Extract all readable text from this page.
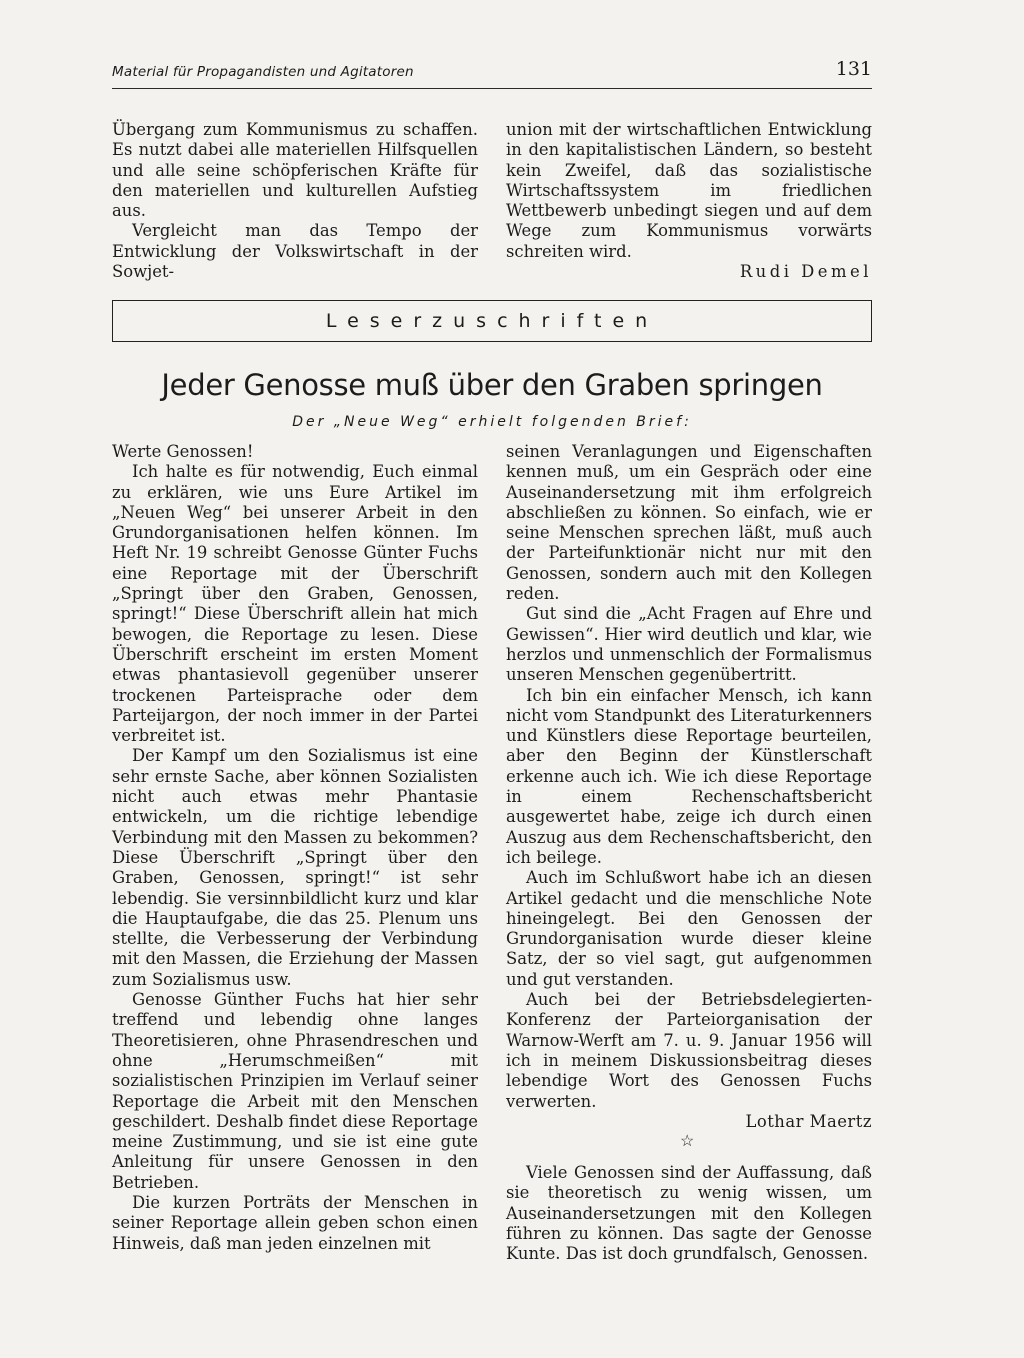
Material für Propagandisten und Agitatoren	131

Übergang zum Kommunismus zu schaffen. Es nutzt dabei alle materiellen Hilfsquellen und alle seine schöpferischen Kräfte für den materiellen und kulturellen Aufstieg aus.

Vergleicht man das Tempo der Entwicklung der Volkswirtschaft in der Sowjet-

union mit der wirtschaftlichen Entwicklung in den kapitalistischen Ländern, so besteht kein Zweifel, daß das sozialistische Wirtschaftssystem im friedlichen Wettbewerb unbedingt siegen und auf dem Wege zum Kommunismus vorwärts schreiten wird.

Rudi Demel
Leserzuschriften
Jeder Genosse muß über den Graben springen
Der „Neue Weg“ erhielt folgenden Brief:

Werte Genossen!

Ich halte es für notwendig, Euch einmal zu erklären, wie uns Eure Artikel im „Neuen Weg“ bei unserer Arbeit in den Grundorganisationen helfen können. Im Heft Nr. 19 schreibt Genosse Günter Fuchs eine Reportage mit der Überschrift „Springt über den Graben, Genossen, springt!“ Diese Überschrift allein hat mich bewogen, die Reportage zu lesen. Diese Überschrift erscheint im ersten Moment etwas phantasievoll gegenüber unserer trockenen Parteisprache oder dem Parteijargon, der noch immer in der Partei verbreitet ist.

Der Kampf um den Sozialismus ist eine sehr ernste Sache, aber können Sozialisten nicht auch etwas mehr Phantasie entwickeln, um die richtige lebendige Verbindung mit den Massen zu bekommen? Diese Überschrift „Springt über den Graben, Genossen, springt!“ ist sehr lebendig. Sie versinnbildlicht kurz und klar die Hauptaufgabe, die das 25. Plenum uns stellte, die Verbesserung der Verbindung mit den Massen, die Erziehung der Massen zum Sozialismus usw.

Genosse Günther Fuchs hat hier sehr treffend und lebendig ohne langes Theoretisieren, ohne Phrasendreschen und ohne „Herumschmeißen“ mit sozialistischen Prinzipien im Verlauf seiner Reportage die Arbeit mit den Menschen geschildert. Deshalb findet diese Reportage meine Zustimmung, und sie ist eine gute Anleitung für unsere Genossen in den Betrieben.

Die kurzen Porträts der Menschen in seiner Reportage allein geben schon einen Hinweis, daß man jeden einzelnen mit

seinen Veranlagungen und Eigenschaften kennen muß, um ein Gespräch oder eine Auseinandersetzung mit ihm erfolgreich abschließen zu können. So einfach, wie er seine Menschen sprechen läßt, muß auch der Parteifunktionär nicht nur mit den Genossen, sondern auch mit den Kollegen reden.

Gut sind die „Acht Fragen auf Ehre und Gewissen“. Hier wird deutlich und klar, wie herzlos und unmenschlich der Formalismus unseren Menschen gegenübertritt.

Ich bin ein einfacher Mensch, ich kann nicht vom Standpunkt des Literaturkenners und Künstlers diese Reportage beurteilen, aber den Beginn der Künstlerschaft erkenne auch ich. Wie ich diese Reportage in einem Rechenschaftsbericht ausgewertet habe, zeige ich durch einen Auszug aus dem Rechenschaftsbericht, den ich beilege.

Auch im Schlußwort habe ich an diesen Artikel gedacht und die menschliche Note hineingelegt. Bei den Genossen der Grundorganisation wurde dieser kleine Satz, der so viel sagt, gut aufgenommen und gut verstanden.

Auch bei der Betriebsdelegierten-Konferenz der Parteiorganisation der Warnow-Werft am 7. u. 9. Januar 1956 will ich in meinem Diskussionsbeitrag dieses lebendige Wort des Genossen Fuchs verwerten.

Lothar Maertz
☆

Viele Genossen sind der Auffassung, daß sie theoretisch zu wenig wissen, um Auseinandersetzungen mit den Kollegen führen zu können. Das sagte der Genosse Kunte. Das ist doch grundfalsch, Genossen.
